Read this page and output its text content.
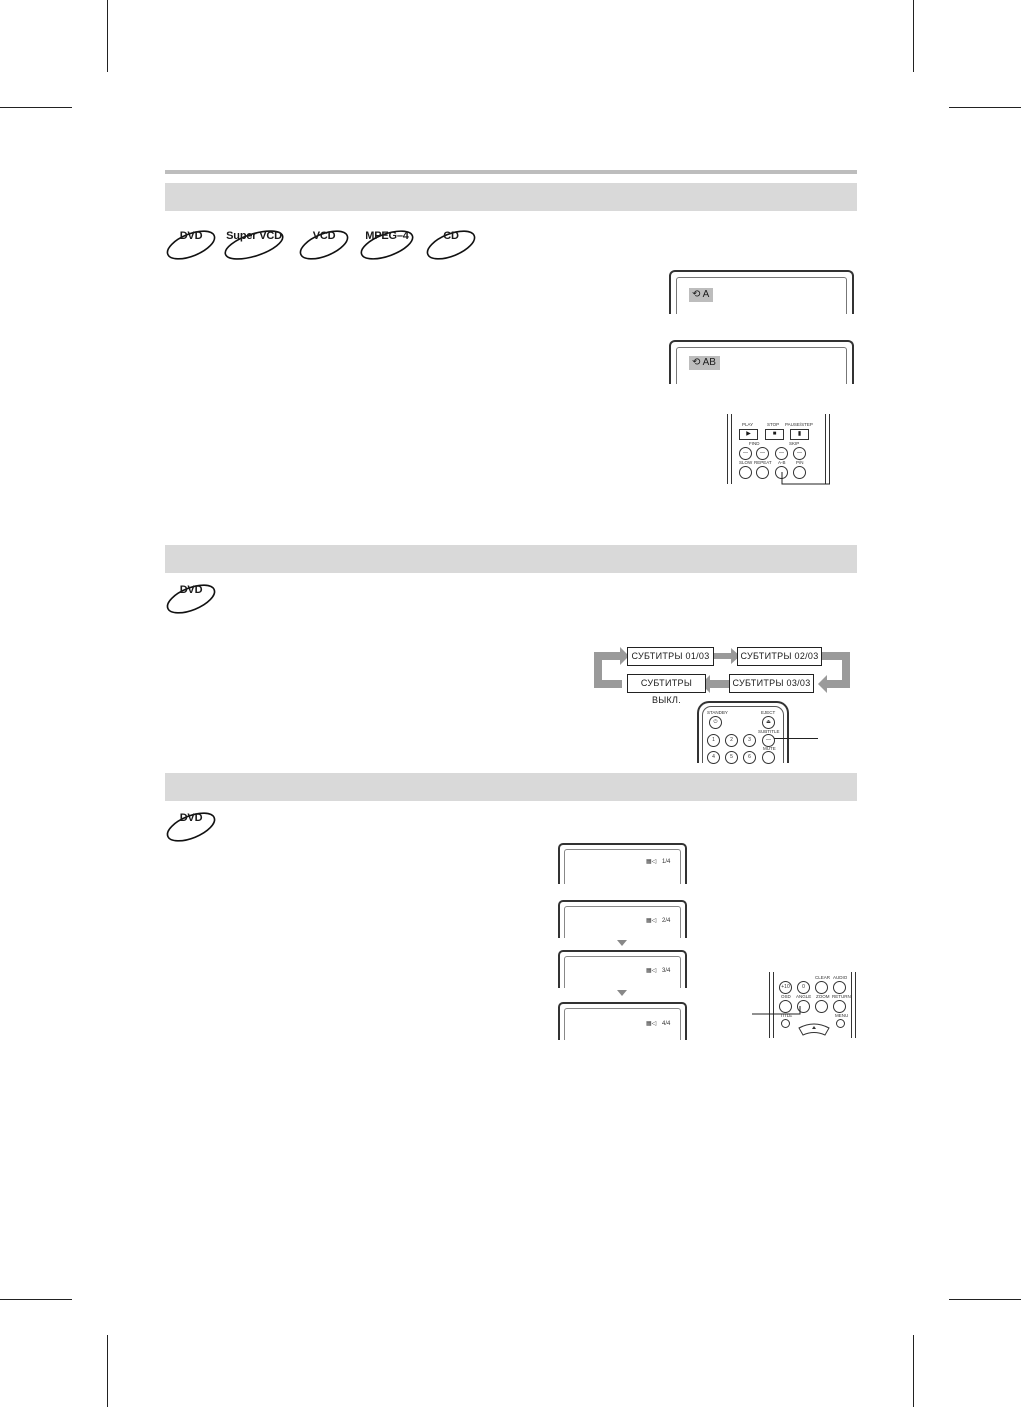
DVD	Super VCD	VCD	MPEG–4	CD
⟲ A
⟲ AB
PLAY	STOP PAUSE/STEP
▶	■	▮
FIND	SKIP
—	—	—	—
SLOW REPEAT A-B P/N
DVD
СУБТИТРЫ 01/03	СУБТИТРЫ 02/03
СУБТИТРЫ 03/03
СУБТИТРЫ ВЫКЛ.
STANDBY	EJECT
⏻	⏏
SUBTITLE
1	2	3	—
MUTE
4	5	6
DVD
▦◁ 1/4
▦◁ 2/4
▦◁ 3/4
▦◁ 4/4
CLEAR AUDIO
+10	0
OSD ANGLE ZOOM RETURN
TITLE	MENU
